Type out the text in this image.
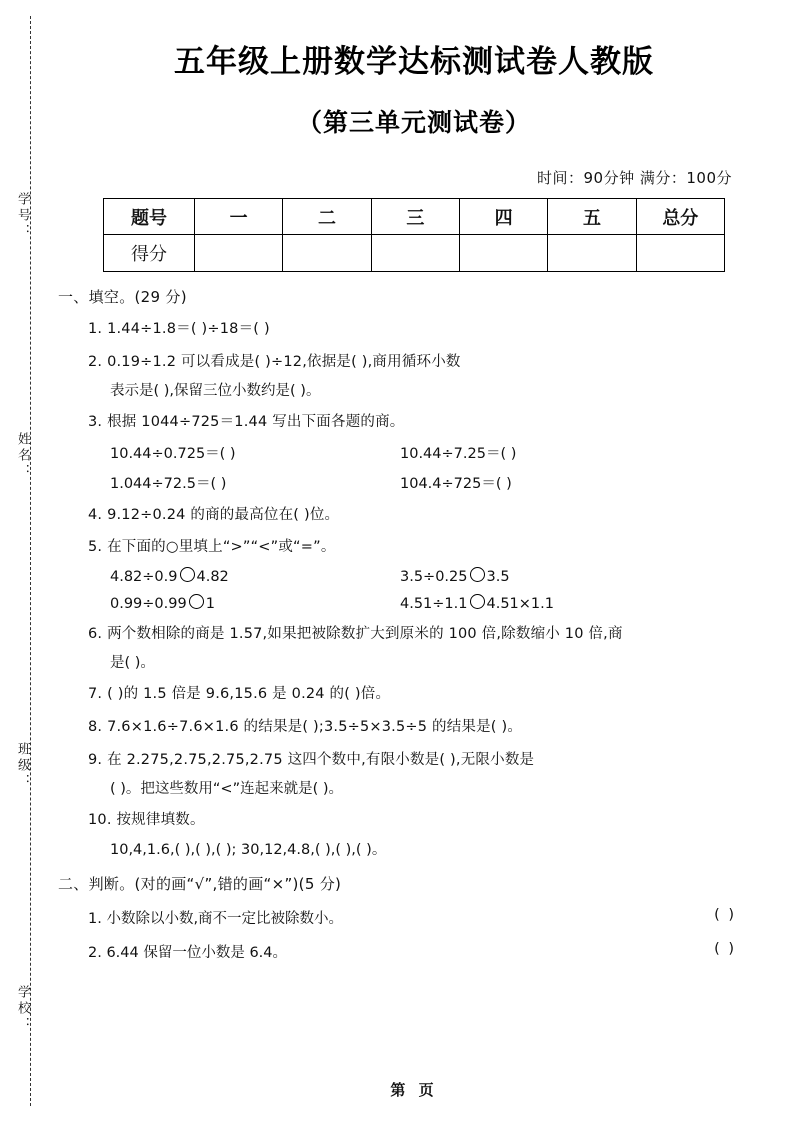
学号：
姓名：
班级：
学校：
五年级上册数学达标测试卷人教版
（第三单元测试卷）
时间：90分钟 满分：100分
题号	一	二	三	四	五	总分
得分						
一、填空。(29 分)
1. 1.44÷1.8＝( )÷18＝( )
2. 0.19÷1.2 可以看成是( )÷12,依据是( ),商用循环小数
表示是( ),保留三位小数约是( )。
3. 根据 1044÷725＝1.44 写出下面各题的商。
10.44÷0.725＝( )	10.44÷7.25＝( )
1.044÷72.5＝( )	104.4÷725＝( )
4. 9.12÷0.24 的商的最高位在( )位。
5. 在下面的○里填上“>”“<”或“=”。
4.82÷0.9 4.82	3.5÷0.25 3.5
0.99÷0.99 1	4.51÷1.1 4.51×1.1
6. 两个数相除的商是 1.57,如果把被除数扩大到原米的 100 倍,除数缩小 10 倍,商
是( )。
7. ( )的 1.5 倍是 9.6,15.6 是 0.24 的( )倍。
8. 7.6×1.6÷7.6×1.6 的结果是( );3.5÷5×3.5÷5 的结果是( )。
9. 在 2.275,2.7̇5,2.7̇5̇,2.75 这四个数中,有限小数是( ),无限小数是
( )。把这些数用“<”连起来就是( )。
10. 按规律填数。
10,4,1.6,( ),( ),( ); 30,12,4.8,( ),( ),( )。
二、判断。(对的画“√”,错的画“×”)(5 分)
1. 小数除以小数,商不一定比被除数小。	( )
2. 6.44 保留一位小数是 6.4。	( )
第 页
